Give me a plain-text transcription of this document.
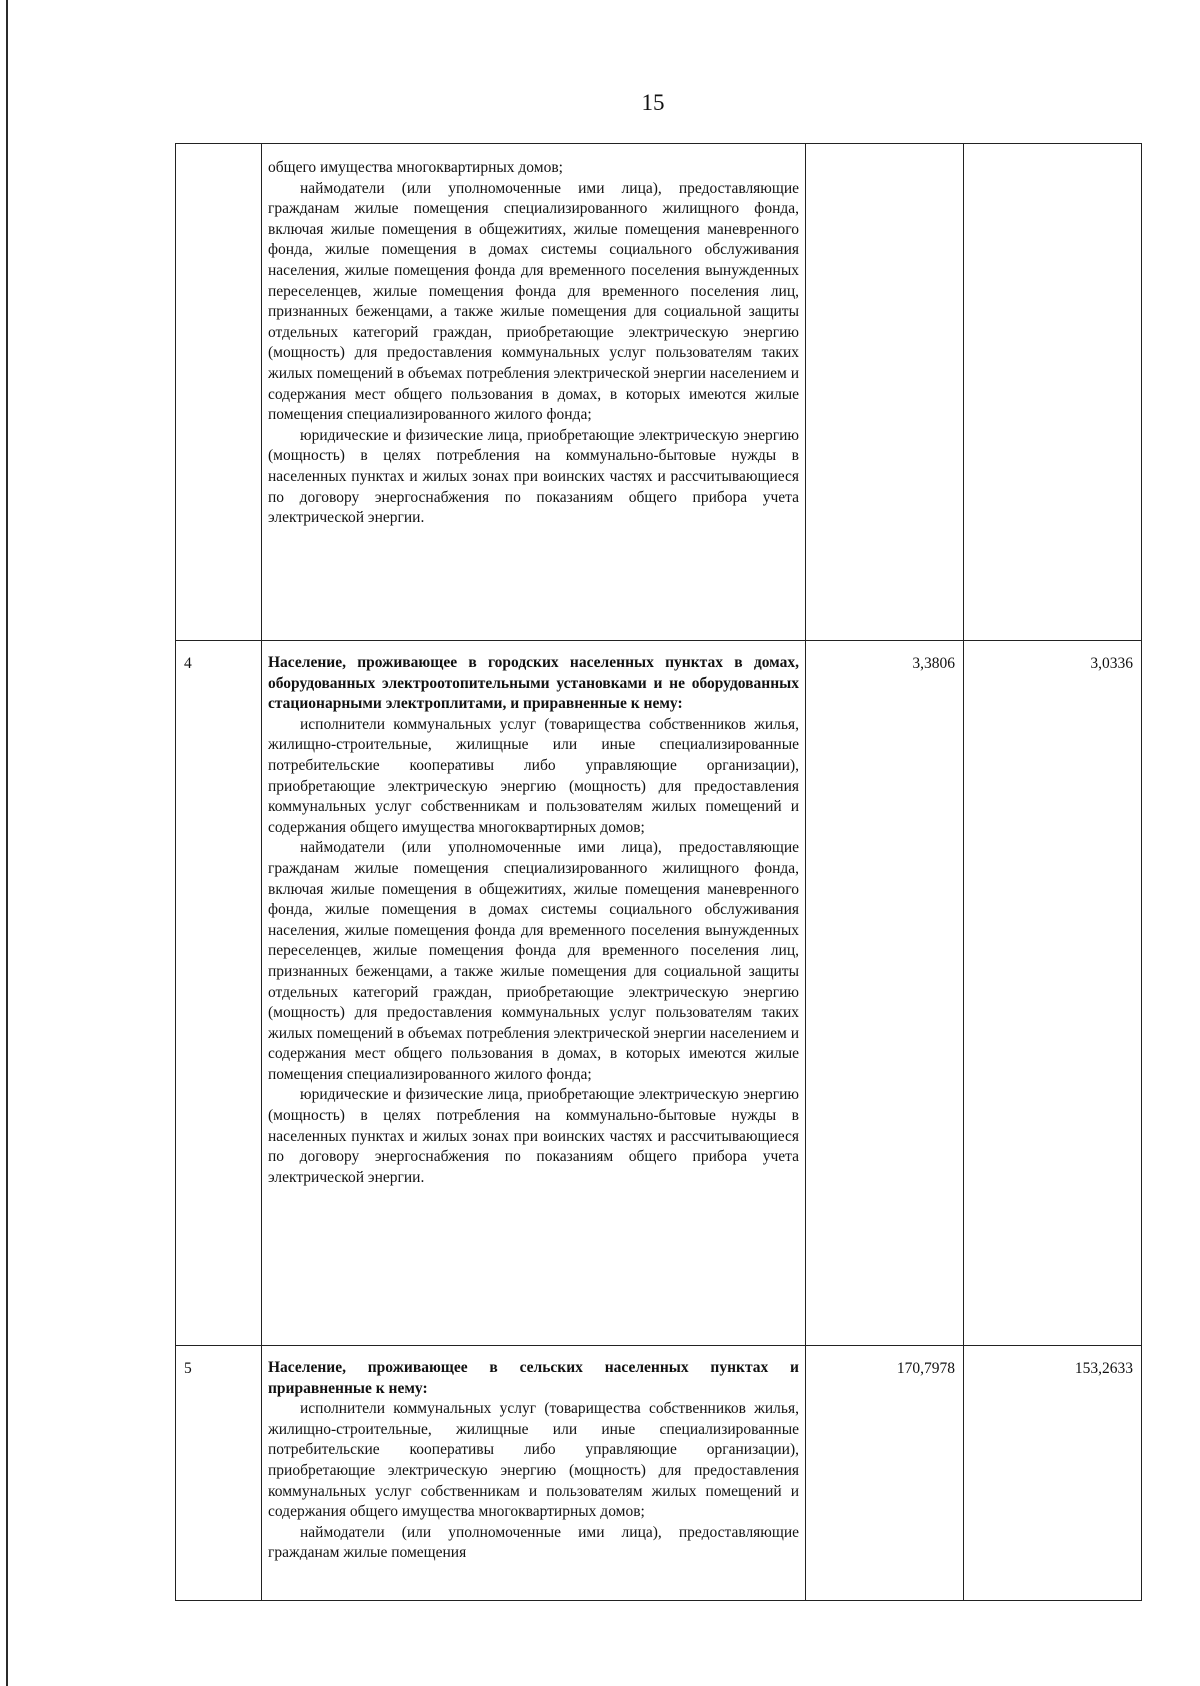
15

	общего имущества многоквартирных домов;
наймодатели (или уполномоченные ими лица), предоставляющие гражданам жилые помещения специализированного жилищного фонда, включая жилые помещения в общежитиях, жилые помещения маневренного фонда, жилые помещения в домах системы социального обслуживания населения, жилые помещения фонда для временного поселения вынужденных переселенцев, жилые помещения фонда для временного поселения лиц, признанных беженцами, а также жилые помещения для социальной защиты отдельных категорий граждан, приобретающие электрическую энергию (мощность) для предоставления коммунальных услуг пользователям таких жилых помещений в объемах потребления электрической энергии населением и содержания мест общего пользования в домах, в которых имеются жилые помещения специализированного жилого фонда;
юридические и физические лица, приобретающие электрическую энергию (мощность) в целях потребления на коммунально-бытовые нужды в населенных пунктах и жилых зонах при воинских частях и рассчитывающиеся по договору энергоснабжения по показаниям общего прибора учета электрической энергии.		

4	Население, проживающее в городских населенных пунктах в домах, оборудованных электроотопительными установками и не оборудованных стационарными электроплитами, и приравненные к нему:
исполнители коммунальных услуг (товарищества собственников жилья, жилищно-строительные, жилищные или иные специализированные потребительские кооперативы либо управляющие организации), приобретающие электрическую энергию (мощность) для предоставления коммунальных услуг собственникам и пользователям жилых помещений и содержания общего имущества многоквартирных домов;
наймодатели (или уполномоченные ими лица), предоставляющие гражданам жилые помещения специализированного жилищного фонда, включая жилые помещения в общежитиях, жилые помещения маневренного фонда, жилые помещения в домах системы социального обслуживания населения, жилые помещения фонда для временного поселения вынужденных переселенцев, жилые помещения фонда для временного поселения лиц, признанных беженцами, а также жилые помещения для социальной защиты отдельных категорий граждан, приобретающие электрическую энергию (мощность) для предоставления коммунальных услуг пользователям таких жилых помещений в объемах потребления электрической энергии населением и содержания мест общего пользования в домах, в которых имеются жилые помещения специализированного жилого фонда;
юридические и физические лица, приобретающие электрическую энергию (мощность) в целях потребления на коммунально-бытовые нужды в населенных пунктах и жилых зонах при воинских частях и рассчитывающиеся по договору энергоснабжения по показаниям общего прибора учета электрической энергии.	3,3806	3,0336
5	Население, проживающее в сельских населенных пунктах и приравненные к нему:
исполнители коммунальных услуг (товарищества собственников жилья, жилищно-строительные, жилищные или иные специализированные потребительские кооперативы либо управляющие организации), приобретающие электрическую энергию (мощность) для предоставления коммунальных услуг собственникам и пользователям жилых помещений и содержания общего имущества многоквартирных домов;
наймодатели (или уполномоченные ими лица), предоставляющие гражданам жилые помещения	170,7978	153,2633
